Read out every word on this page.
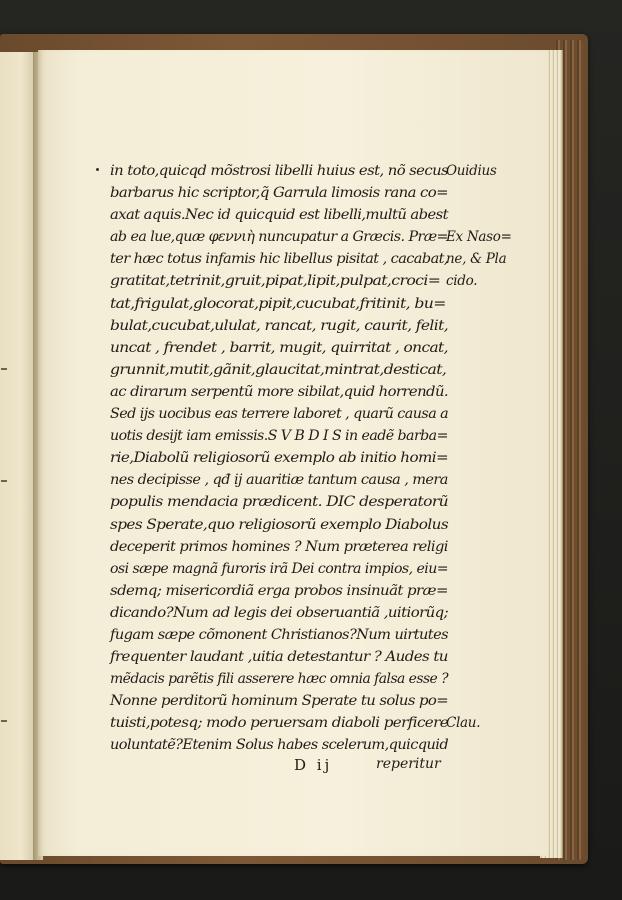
in toto,quicqd mõstrosi libelli huius est, nõ secus
barbarus hic scriptor,q̃ Garrula limosis rana co=
axat aquis.Nec id quicquid est libelli,multũ abest
ab ea lue,quæ φεννιὴ nuncupatur a Græcis. Præ=
ter hæc totus infamis hic libellus pisitat , cacabat,
gratitat,tetrinit,gruit,pipat,lipit,pulpat,croci=
tat,frigulat,glocorat,pipit,cucubat,fritinit, bu=
bulat,cucubat,ululat, rancat, rugit, caurit, felit,
uncat , frendet , barrit, mugit, quirritat , oncat,
grunnit,mutit,gãnit,glaucitat,mintrat,desticat,
ac dirarum serpentũ more sibilat,quid horrendũ.
Sed ijs uocibus eas terrere laboret , quarũ causa a
uotis desijt iam emissis.S V B D I S in eadẽ barba=
rie,Diabolũ religiosorũ exemplo ab initio homi=
nes decipisse , qđ ij auaritiæ tantum causa , mera
populis mendacia prædicent. DIC desperatorũ
spes Sperate,quo religiosorũ exemplo Diabolus
deceperit primos homines ? Num præterea religi
osi sæpe magnã furoris irã Dei contra impios, eiu=
sdemq; misericordiã erga probos insinuãt præ=
dicando?Num ad legis dei obseruantiã ,uitiorũq;
fugam sæpe cõmonent Christianos?Num uirtutes
frequenter laudant ,uitia detestantur ? Audes tu
mẽdacis parẽtis fili asserere hæc omnia falsa esse ?
Nonne perditorũ hominum Sperate tu solus po=
tuisti,potesq; modo peruersam diaboli perficere
uoluntatẽ?Etenim Solus habes scelerum,quicquid
Ouidius
Ex Naso=
ne, & Pla
cido.
Clau.
D ij	reperitur
